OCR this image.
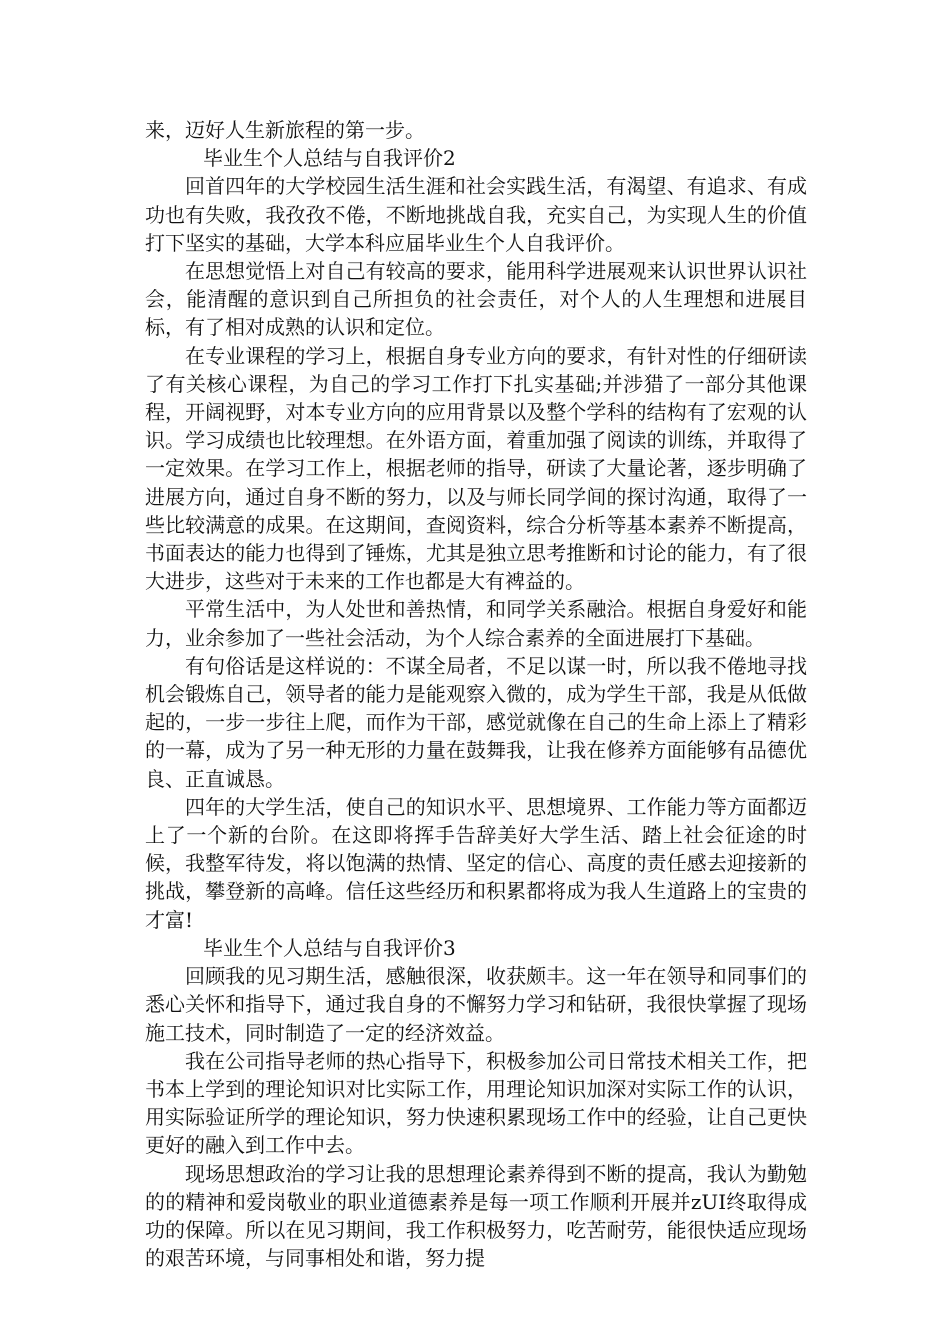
来，迈好人生新旅程的第一步。

毕业生个人总结与自我评价2

回首四年的大学校园生活生涯和社会实践生活，有渴望、有追求、有成功也有失败，我孜孜不倦，不断地挑战自我，充实自己，为实现人生的价值打下坚实的基础，大学本科应届毕业生个人自我评价。

在思想觉悟上对自己有较高的要求，能用科学进展观来认识世界认识社会，能清醒的意识到自己所担负的社会责任，对个人的人生理想和进展目标，有了相对成熟的认识和定位。

在专业课程的学习上，根据自身专业方向的要求，有针对性的仔细研读了有关核心课程，为自己的学习工作打下扎实基础;并涉猎了一部分其他课程，开阔视野，对本专业方向的应用背景以及整个学科的结构有了宏观的认识。学习成绩也比较理想。在外语方面，着重加强了阅读的训练，并取得了一定效果。在学习工作上，根据老师的指导，研读了大量论著，逐步明确了进展方向，通过自身不断的努力，以及与师长同学间的探讨沟通，取得了一些比较满意的成果。在这期间，查阅资料，综合分析等基本素养不断提高，书面表达的能力也得到了锤炼，尤其是独立思考推断和讨论的能力，有了很大进步，这些对于未来的工作也都是大有裨益的。

平常生活中，为人处世和善热情，和同学关系融洽。根据自身爱好和能力，业余参加了一些社会活动，为个人综合素养的全面进展打下基础。

有句俗话是这样说的：不谋全局者，不足以谋一时，所以我不倦地寻找机会锻炼自己，领导者的能力是能观察入微的，成为学生干部，我是从低做起的，一步一步往上爬，而作为干部，感觉就像在自己的生命上添上了精彩的一幕，成为了另一种无形的力量在鼓舞我，让我在修养方面能够有品德优良、正直诚恳。

四年的大学生活，使自己的知识水平、思想境界、工作能力等方面都迈上了一个新的台阶。在这即将挥手告辞美好大学生活、踏上社会征途的时候，我整军待发，将以饱满的热情、坚定的信心、高度的责任感去迎接新的挑战，攀登新的高峰。信任这些经历和积累都将成为我人生道路上的宝贵的才富!

毕业生个人总结与自我评价3

回顾我的见习期生活，感触很深，收获颇丰。这一年在领导和同事们的悉心关怀和指导下，通过我自身的不懈努力学习和钻研，我很快掌握了现场施工技术，同时制造了一定的经济效益。

我在公司指导老师的热心指导下，积极参加公司日常技术相关工作，把书本上学到的理论知识对比实际工作，用理论知识加深对实际工作的认识，用实际验证所学的理论知识，努力快速积累现场工作中的经验，让自己更快更好的融入到工作中去。

现场思想政治的学习让我的思想理论素养得到不断的提高，我认为勤勉的的精神和爱岗敬业的职业道德素养是每一项工作顺利开展并zUI终取得成功的保障。所以在见习期间，我工作积极努力，吃苦耐劳，能很快适应现场的艰苦环境，与同事相处和谐，努力提
